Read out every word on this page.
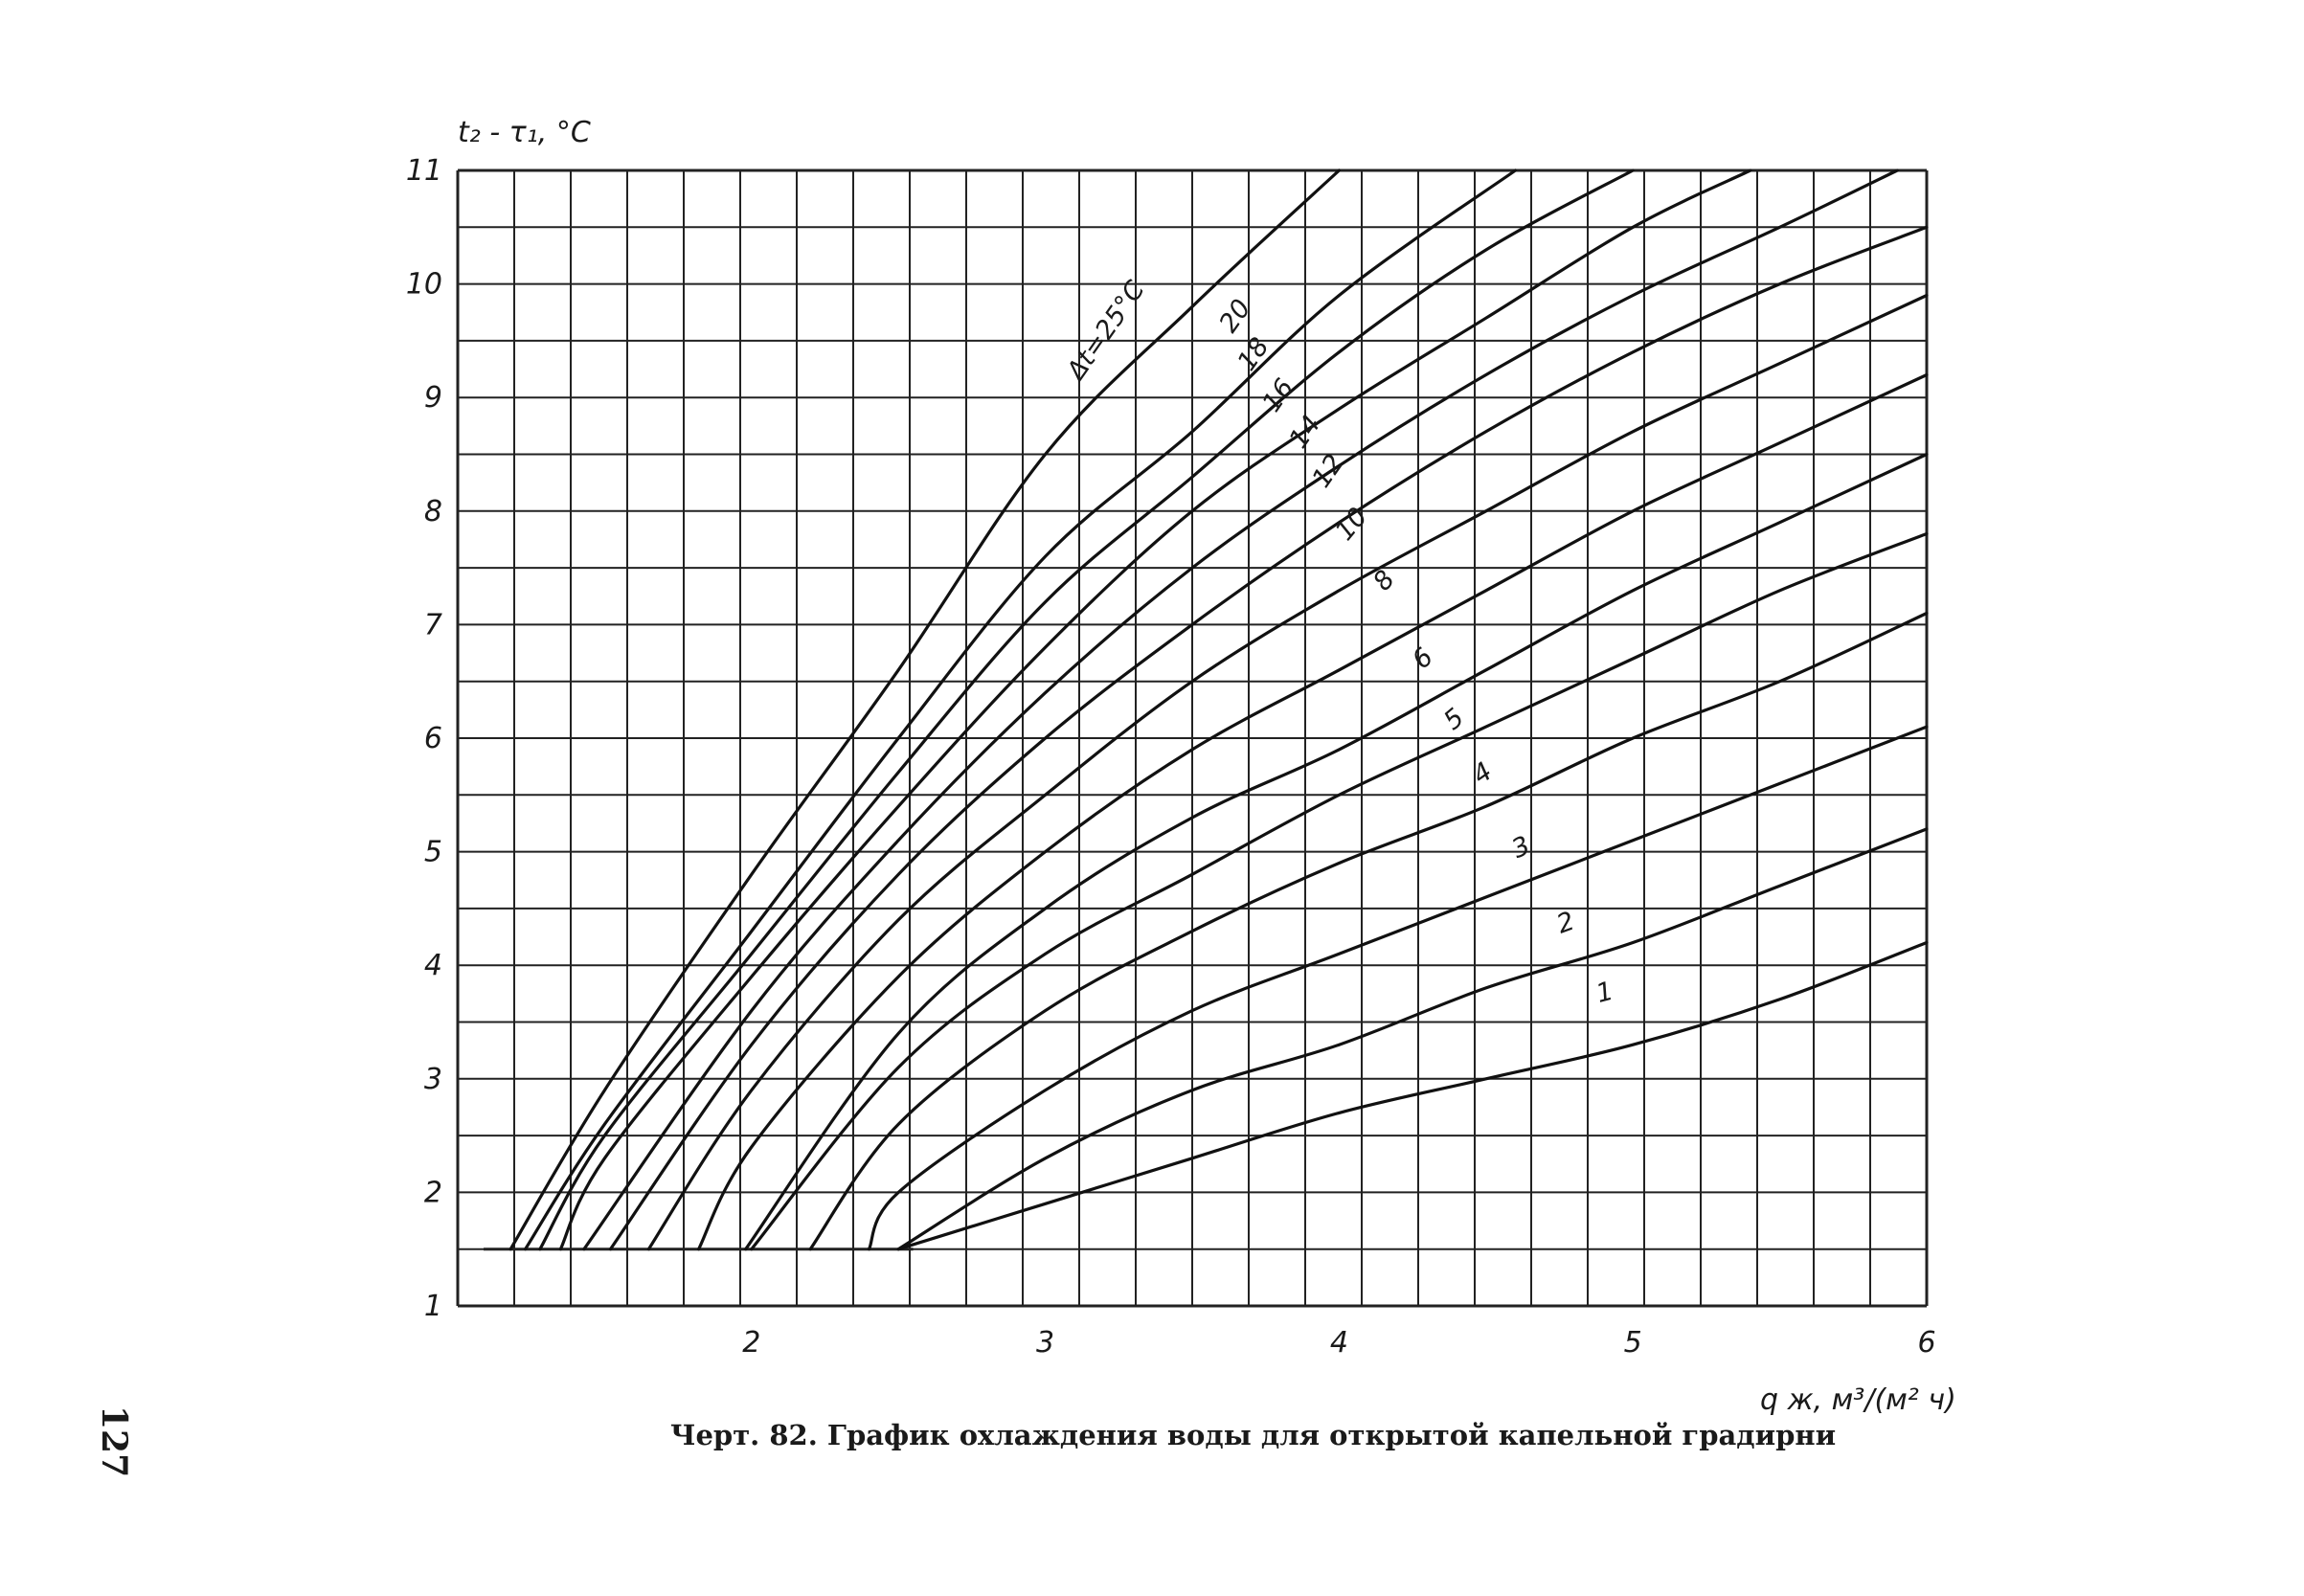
2	3	4	5	6
1
2
3
4
5
6
7
8
9
10
11
Δt=25°C 20
18
16
14
12
10
8
6
5
4
3
2
1
t₂ - τ₁, °C
q ж, м³/(м² ч)
127	Черт. 82. График охлаждения воды для открытой капельной градирни
